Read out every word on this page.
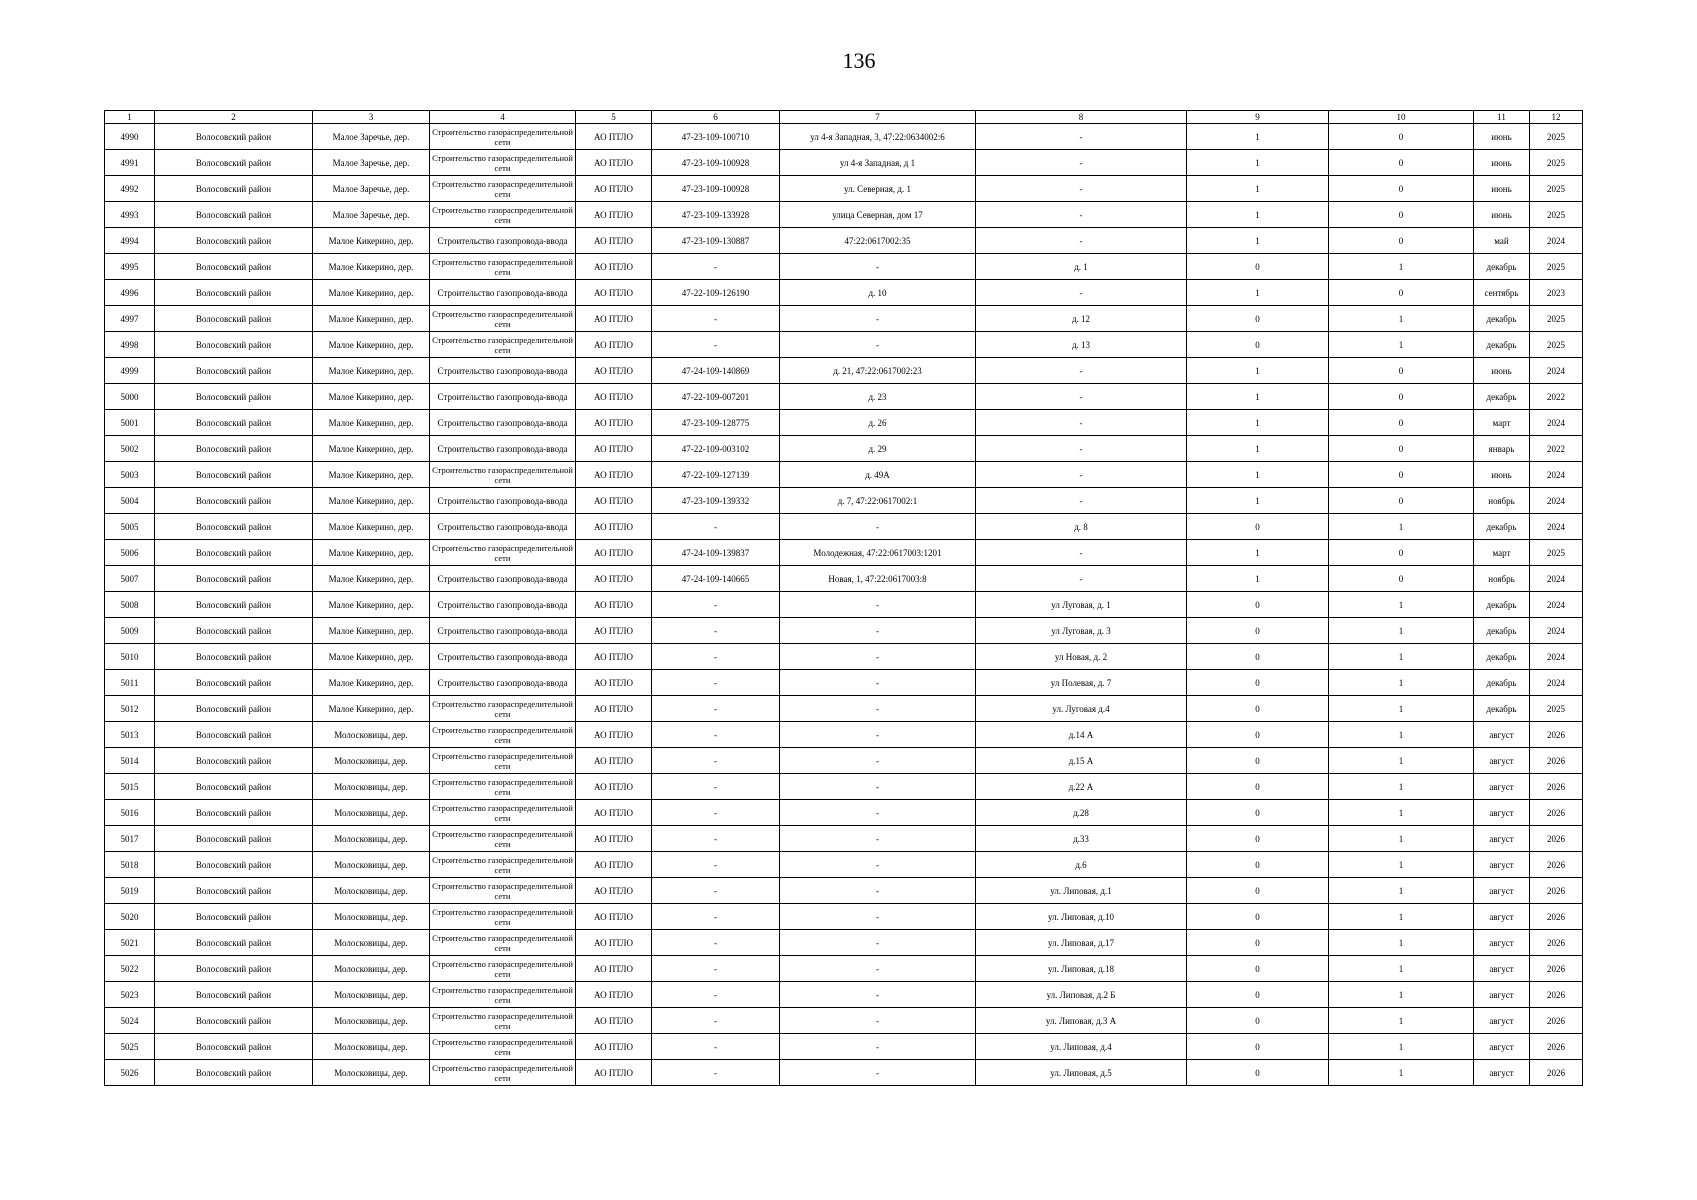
136
1	2	3	4	5	6	7	8	9	10	11	12
4990	Волосовский район	Малое Заречье, дер.	Строительство газораспределительной сети	АО ПТЛО	47-23-109-100710	ул 4-я Западная, 3, 47:22:0634002:6	-	1	0	июнь	2025
4991	Волосовский район	Малое Заречье, дер.	Строительство газораспределительной сети	АО ПТЛО	47-23-109-100928	ул 4-я Западная, д 1	-	1	0	июнь	2025
4992	Волосовский район	Малое Заречье, дер.	Строительство газораспределительной сети	АО ПТЛО	47-23-109-100928	ул. Северная, д. 1	-	1	0	июнь	2025
4993	Волосовский район	Малое Заречье, дер.	Строительство газораспределительной сети	АО ПТЛО	47-23-109-133928	улица Северная, дом 17	-	1	0	июнь	2025
4994	Волосовский район	Малое Кикерино, дер.	Строительство газопровода-ввода	АО ПТЛО	47-23-109-130887	47:22:0617002:35	-	1	0	май	2024
4995	Волосовский район	Малое Кикерино, дер.	Строительство газораспределительной сети	АО ПТЛО	-	-	д. 1	0	1	декабрь	2025
4996	Волосовский район	Малое Кикерино, дер.	Строительство газопровода-ввода	АО ПТЛО	47-22-109-126190	д. 10	-	1	0	сентябрь	2023
4997	Волосовский район	Малое Кикерино, дер.	Строительство газораспределительной сети	АО ПТЛО	-	-	д. 12	0	1	декабрь	2025
4998	Волосовский район	Малое Кикерино, дер.	Строительство газораспределительной сети	АО ПТЛО	-	-	д. 13	0	1	декабрь	2025
4999	Волосовский район	Малое Кикерино, дер.	Строительство газопровода-ввода	АО ПТЛО	47-24-109-140869	д. 21, 47:22:0617002:23	-	1	0	июнь	2024
5000	Волосовский район	Малое Кикерино, дер.	Строительство газопровода-ввода	АО ПТЛО	47-22-109-007201	д. 23	-	1	0	декабрь	2022
5001	Волосовский район	Малое Кикерино, дер.	Строительство газопровода-ввода	АО ПТЛО	47-23-109-128775	д. 26	-	1	0	март	2024
5002	Волосовский район	Малое Кикерино, дер.	Строительство газопровода-ввода	АО ПТЛО	47-22-109-003102	д. 29	-	1	0	январь	2022
5003	Волосовский район	Малое Кикерино, дер.	Строительство газораспределительной сети	АО ПТЛО	47-22-109-127139	д. 49А	-	1	0	июнь	2024
5004	Волосовский район	Малое Кикерино, дер.	Строительство газопровода-ввода	АО ПТЛО	47-23-109-139332	д. 7, 47:22:0617002:1	-	1	0	ноябрь	2024
5005	Волосовский район	Малое Кикерино, дер.	Строительство газопровода-ввода	АО ПТЛО	-	-	д. 8	0	1	декабрь	2024
5006	Волосовский район	Малое Кикерино, дер.	Строительство газораспределительной сети	АО ПТЛО	47-24-109-139837	Молодежная, 47:22:0617003:1201	-	1	0	март	2025
5007	Волосовский район	Малое Кикерино, дер.	Строительство газопровода-ввода	АО ПТЛО	47-24-109-140665	Новая, 1, 47:22:0617003:8	-	1	0	ноябрь	2024
5008	Волосовский район	Малое Кикерино, дер.	Строительство газопровода-ввода	АО ПТЛО	-	-	ул Луговая, д. 1	0	1	декабрь	2024
5009	Волосовский район	Малое Кикерино, дер.	Строительство газопровода-ввода	АО ПТЛО	-	-	ул Луговая, д. 3	0	1	декабрь	2024
5010	Волосовский район	Малое Кикерино, дер.	Строительство газопровода-ввода	АО ПТЛО	-	-	ул Новая, д. 2	0	1	декабрь	2024
5011	Волосовский район	Малое Кикерино, дер.	Строительство газопровода-ввода	АО ПТЛО	-	-	ул Полевая, д. 7	0	1	декабрь	2024
5012	Волосовский район	Малое Кикерино, дер.	Строительство газораспределительной сети	АО ПТЛО	-	-	ул. Луговая д.4	0	1	декабрь	2025
5013	Волосовский район	Молосковицы, дер.	Строительство газораспределительной сети	АО ПТЛО	-	-	д.14 А	0	1	август	2026
5014	Волосовский район	Молосковицы, дер.	Строительство газораспределительной сети	АО ПТЛО	-	-	д.15 А	0	1	август	2026
5015	Волосовский район	Молосковицы, дер.	Строительство газораспределительной сети	АО ПТЛО	-	-	д.22 А	0	1	август	2026
5016	Волосовский район	Молосковицы, дер.	Строительство газораспределительной сети	АО ПТЛО	-	-	д.28	0	1	август	2026
5017	Волосовский район	Молосковицы, дер.	Строительство газораспределительной сети	АО ПТЛО	-	-	д.33	0	1	август	2026
5018	Волосовский район	Молосковицы, дер.	Строительство газораспределительной сети	АО ПТЛО	-	-	д.6	0	1	август	2026
5019	Волосовский район	Молосковицы, дер.	Строительство газораспределительной сети	АО ПТЛО	-	-	ул. Липовая, д.1	0	1	август	2026
5020	Волосовский район	Молосковицы, дер.	Строительство газораспределительной сети	АО ПТЛО	-	-	ул. Липовая, д.10	0	1	август	2026
5021	Волосовский район	Молосковицы, дер.	Строительство газораспределительной сети	АО ПТЛО	-	-	ул. Липовая, д.17	0	1	август	2026
5022	Волосовский район	Молосковицы, дер.	Строительство газораспределительной сети	АО ПТЛО	-	-	ул. Липовая, д.18	0	1	август	2026
5023	Волосовский район	Молосковицы, дер.	Строительство газораспределительной сети	АО ПТЛО	-	-	ул. Липовая, д.2 Б	0	1	август	2026
5024	Волосовский район	Молосковицы, дер.	Строительство газораспределительной сети	АО ПТЛО	-	-	ул. Липовая, д.3 А	0	1	август	2026
5025	Волосовский район	Молосковицы, дер.	Строительство газораспределительной сети	АО ПТЛО	-	-	ул. Липовая, д.4	0	1	август	2026
5026	Волосовский район	Молосковицы, дер.	Строительство газораспределительной сети	АО ПТЛО	-	-	ул. Липовая, д.5	0	1	август	2026
